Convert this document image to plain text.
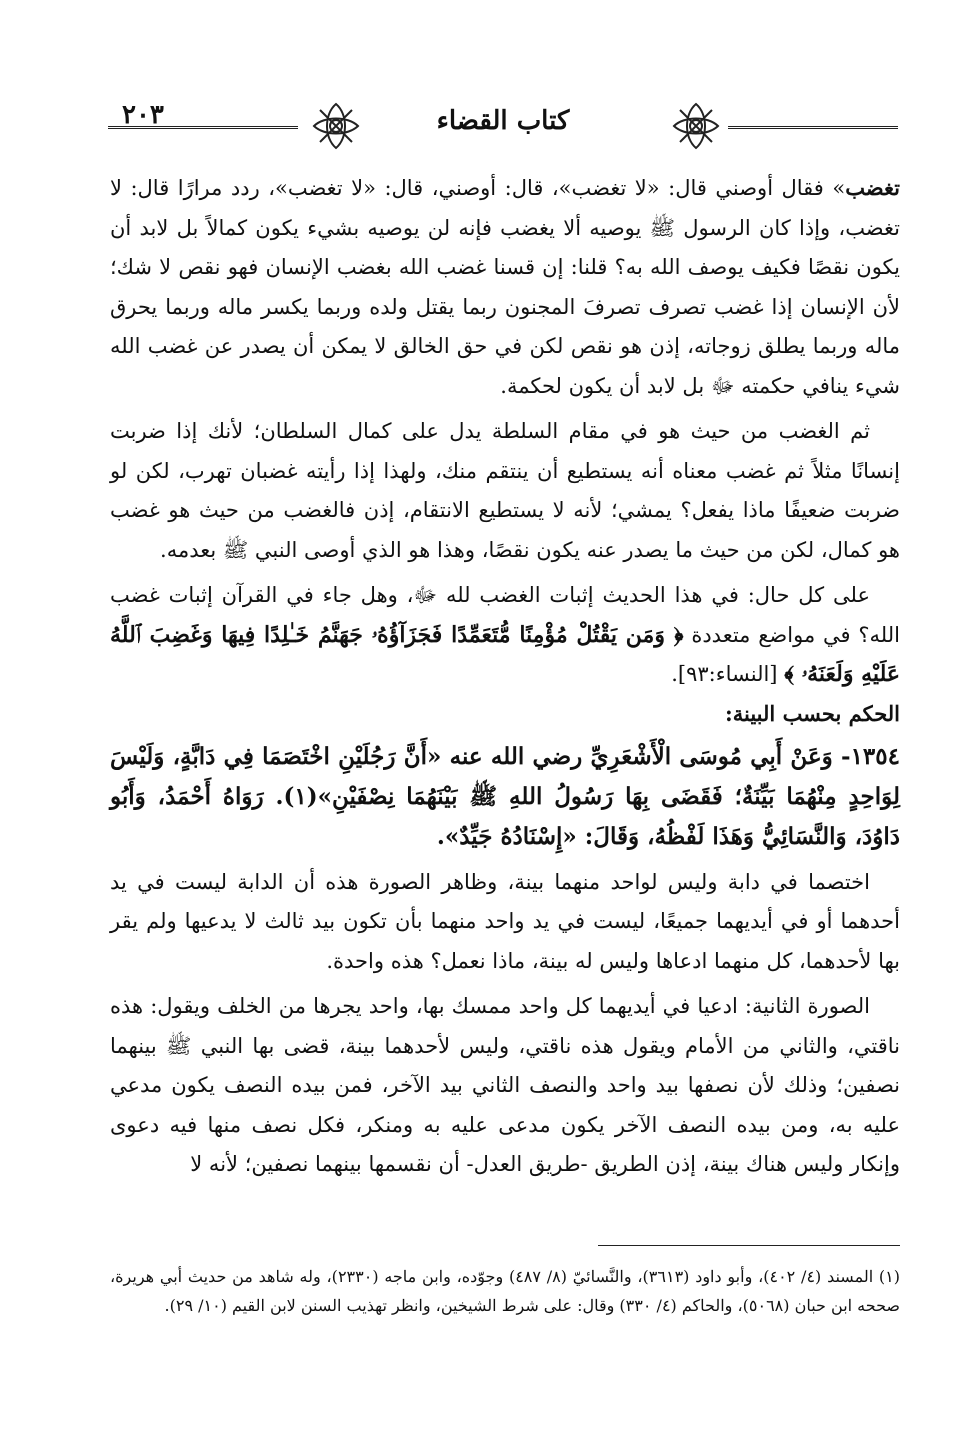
٢٠٣	كتاب القضاء

تغضب» فقال أوصني قال: «لا تغضب»، قال: أوصني، قال: «لا تغضب»، ردد مرارًا قال: لا تغضب، وإذا كان الرسول ﷺ يوصيه ألا يغضب فإنه لن يوصيه بشيء يكون كمالاً بل لابد أن يكون نقصًا فكيف يوصف الله به؟ قلنا: إن قسنا غضب الله بغضب الإنسان فهو نقص لا شك؛ لأن الإنسان إذا غضب تصرف تصرفَ المجنون ربما يقتل ولده وربما يكسر ماله وربما يحرق ماله وربما يطلق زوجاته، إذن هو نقص لكن في حق الخالق لا يمكن أن يصدر عن غضب الله شيء ينافي حكمته ﷻ بل لابد أن يكون لحكمة.

ثم الغضب من حيث هو في مقام السلطة يدل على كمال السلطان؛ لأنك إذا ضربت إنسانًا مثلاً ثم غضب معناه أنه يستطيع أن ينتقم منك، ولهذا إذا رأيته غضبان تهرب، لكن لو ضربت ضعيفًا ماذا يفعل؟ يمشي؛ لأنه لا يستطيع الانتقام، إذن فالغضب من حيث هو غضب هو كمال، لكن من حيث ما يصدر عنه يكون نقصًا، وهذا هو الذي أوصى النبي ﷺ بعدمه.

على كل حال: في هذا الحديث إثبات الغضب لله ﷻ، وهل جاء في القرآن إثبات غضب الله؟ في مواضع متعددة ﴿ وَمَن يَقْتُلْ مُؤْمِنًا مُّتَعَمِّدًا فَجَزَآؤُهُۥ جَهَنَّمُ خَـٰلِدًا فِيهَا وَغَضِبَ ٱللَّهُ عَلَيْهِ وَلَعَنَهُۥ ﴾ [النساء:٩٣].

الحكم بحسب البينة:

١٣٥٤- وَعَنْ أَبِي مُوسَى الْأَشْعَرِيِّ رضي الله عنه «أَنَّ رَجُلَيْنِ اخْتَصَمَا فِي دَابَّةٍ، وَلَيْسَ لِوَاحِدٍ مِنْهُمَا بَيِّنَةٌ؛ فَقَضَى بِهَا رَسُولُ اللهِ ﷺ بَيْنَهُمَا نِصْفَيْنِ»(١). رَوَاهُ أَحْمَدُ، وَأَبُو دَاوُدَ، وَالنَّسَائِيُّ وَهَذَا لَفْظُهُ، وَقَالَ: «إِسْنَادُهُ جَيِّدٌ».

اختصما في دابة وليس لواحد منهما بينة، وظاهر الصورة هذه أن الدابة ليست في يد أحدهما أو في أيديهما جميعًا، ليست في يد واحد منهما بأن تكون بيد ثالث لا يدعيها ولم يقر بها لأحدهما، كل منهما ادعاها وليس له بينة، ماذا نعمل؟ هذه واحدة.

الصورة الثانية: ادعيا في أيديهما كل واحد ممسك بها، واحد يجرها من الخلف ويقول: هذه ناقتي، والثاني من الأمام ويقول هذه ناقتي، وليس لأحدهما بينة، قضى بها النبي ﷺ بينهما نصفين؛ وذلك لأن نصفها بيد واحد والنصف الثاني بيد الآخر، فمن بيده النصف يكون مدعي عليه به، ومن بيده النصف الآخر يكون مدعى عليه به ومنكر، فكل نصف منها فيه دعوى وإنكار وليس هناك بينة، إذن الطريق -طريق العدل- أن نقسمها بينهما نصفين؛ لأنه لا

(١) المسند (٤/ ٤٠٢)، وأبو داود (٣٦١٣)، والنَّسائيّ (٨/ ٤٨٧) وجوّده، وابن ماجه (٢٣٣٠)، وله شاهد من حديث أبي هريرة، صححه ابن حبان (٥٠٦٨)، والحاكم (٤/ ٣٣٠) وقال: على شرط الشيخين، وانظر تهذيب السنن لابن القيم (١٠/ ٢٩).
